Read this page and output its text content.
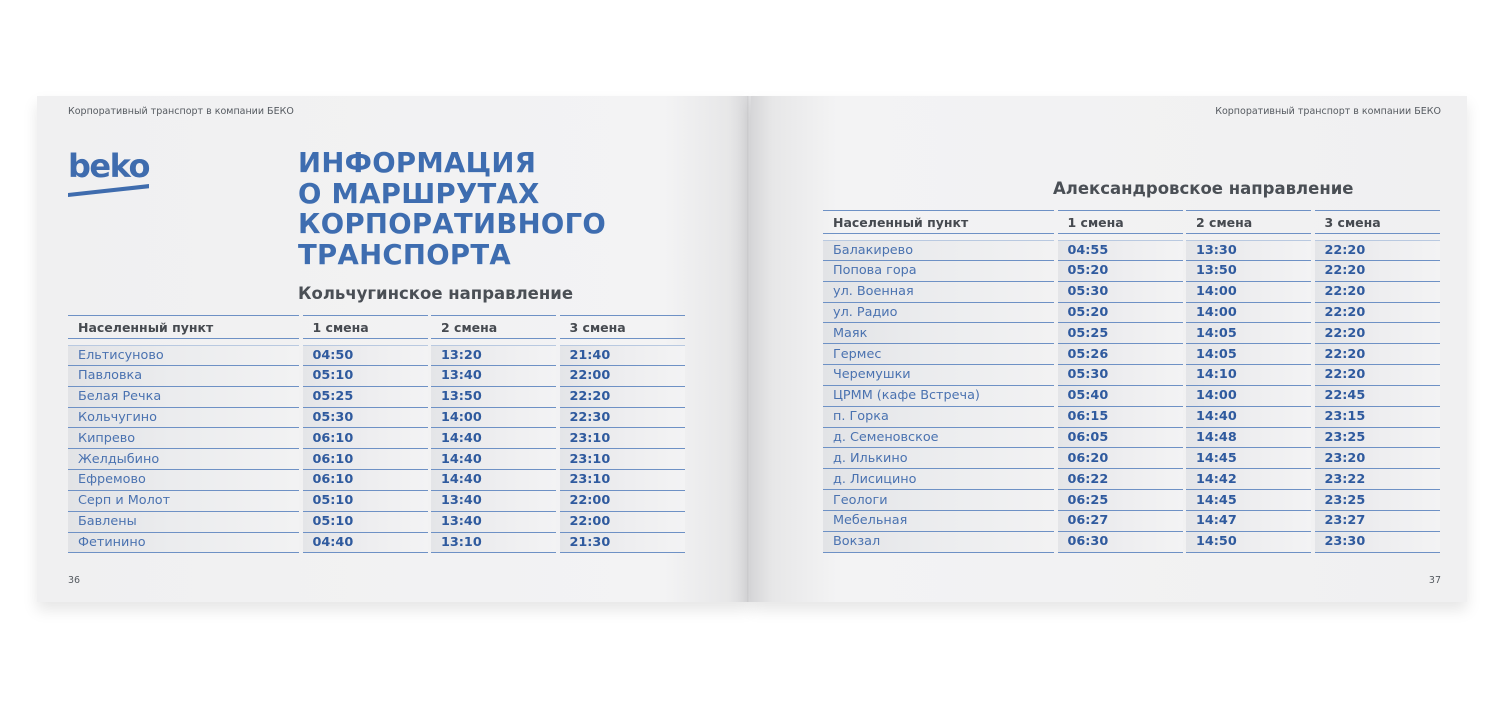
Корпоративный транспорт в компании БЕКО
beko	ИНФОРМАЦИЯ
О МАРШРУТАХ
КОРПОРАТИВНОГО
ТРАНСПОРТА
Кольчугинское направление
Населенный пункт	1 смена	2 смена	3 смена
Ельтисуново	04:50	13:20	21:40
Павловка	05:10	13:40	22:00
Белая Речка	05:25	13:50	22:20
Кольчугино	05:30	14:00	22:30
Кипрево	06:10	14:40	23:10
Желдыбино	06:10	14:40	23:10
Ефремово	06:10	14:40	23:10
Серп и Молот	05:10	13:40	22:00
Бавлены	05:10	13:40	22:00
Фетинино	04:40	13:10	21:30
36
Корпоративный транспорт в компании БЕКО
Александровское направление
Населенный пункт	1 смена	2 смена	3 смена
Балакирево	04:55	13:30	22:20
Попова гора	05:20	13:50	22:20
ул. Военная	05:30	14:00	22:20
ул. Радио	05:20	14:00	22:20
Маяк	05:25	14:05	22:20
Гермес	05:26	14:05	22:20
Черемушки	05:30	14:10	22:20
ЦРММ (кафе Встреча)	05:40	14:00	22:45
п. Горка	06:15	14:40	23:15
д. Семеновское	06:05	14:48	23:25
д. Илькино	06:20	14:45	23:20
д. Лисицино	06:22	14:42	23:22
Геологи	06:25	14:45	23:25
Мебельная	06:27	14:47	23:27
Вокзал	06:30	14:50	23:30
37
